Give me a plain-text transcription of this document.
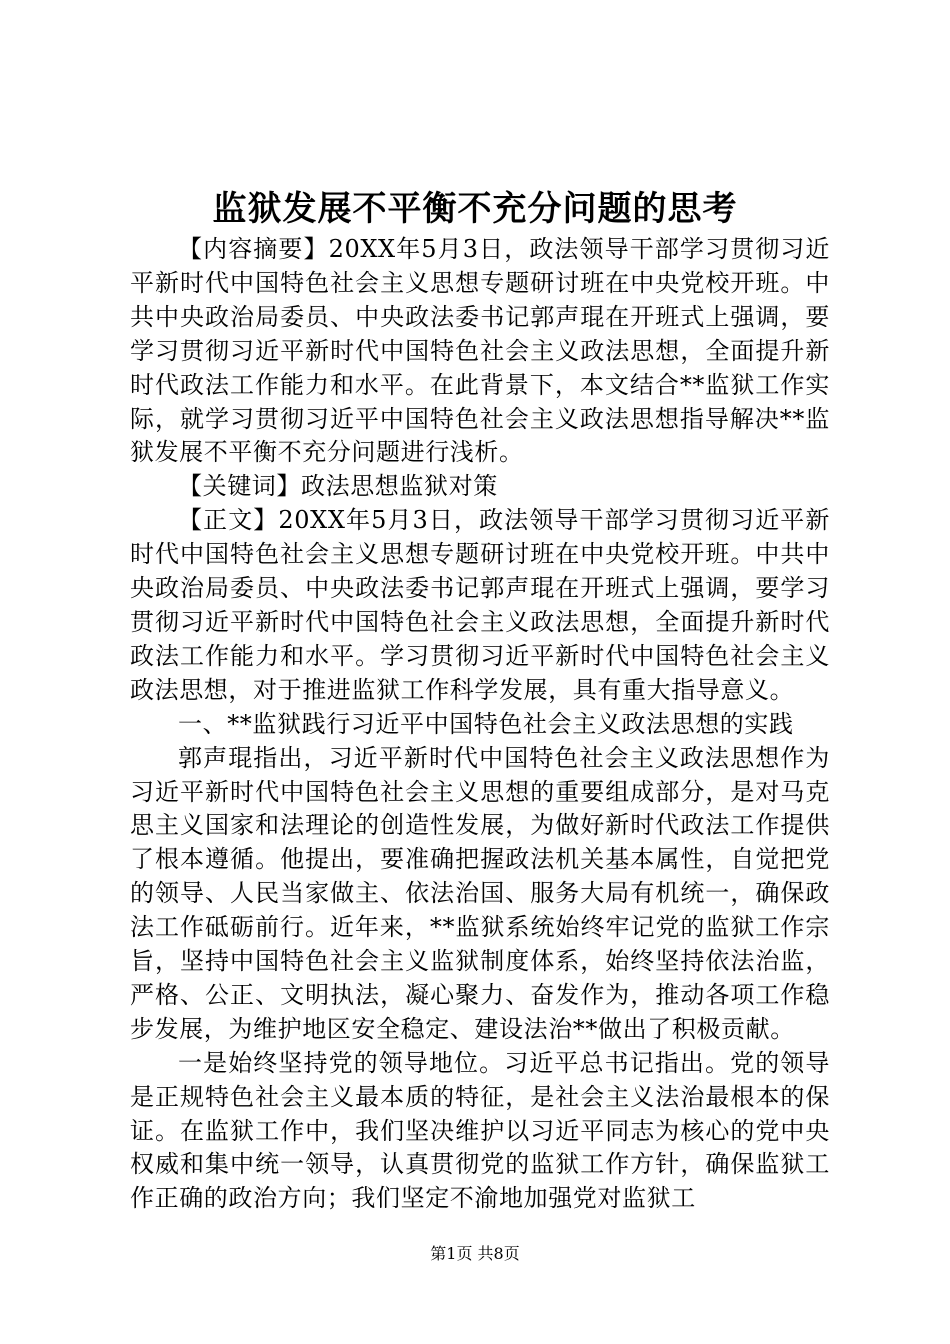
监狱发展不平衡不充分问题的思考

【内容摘要】20XX年5月3日，政法领导干部学习贯彻习近平新时代中国特色社会主义思想专题研讨班在中央党校开班。中共中央政治局委员、中央政法委书记郭声琨在开班式上强调，要学习贯彻习近平新时代中国特色社会主义政法思想，全面提升新时代政法工作能力和水平。在此背景下，本文结合**监狱工作实际，就学习贯彻习近平中国特色社会主义政法思想指导解决**监狱发展不平衡不充分问题进行浅析。

【关键词】政法思想监狱对策

【正文】20XX年5月3日，政法领导干部学习贯彻习近平新时代中国特色社会主义思想专题研讨班在中央党校开班。中共中央政治局委员、中央政法委书记郭声琨在开班式上强调，要学习贯彻习近平新时代中国特色社会主义政法思想，全面提升新时代政法工作能力和水平。学习贯彻习近平新时代中国特色社会主义政法思想，对于推进监狱工作科学发展，具有重大指导意义。

一、**监狱践行习近平中国特色社会主义政法思想的实践

郭声琨指出，习近平新时代中国特色社会主义政法思想作为习近平新时代中国特色社会主义思想的重要组成部分，是对马克思主义国家和法理论的创造性发展，为做好新时代政法工作提供了根本遵循。他提出，要准确把握政法机关基本属性，自觉把党的领导、人民当家做主、依法治国、服务大局有机统一，确保政法工作砥砺前行。近年来，**监狱系统始终牢记党的监狱工作宗旨，坚持中国特色社会主义监狱制度体系，始终坚持依法治监，严格、公正、文明执法，凝心聚力、奋发作为，推动各项工作稳步发展，为维护地区安全稳定、建设法治**做出了积极贡献。

一是始终坚持党的领导地位。习近平总书记指出。党的领导是正规特色社会主义最本质的特征，是社会主义法治最根本的保证。在监狱工作中，我们坚决维护以习近平同志为核心的党中央权威和集中统一领导，认真贯彻党的监狱工作方针，确保监狱工作正确的政治方向；我们坚定不渝地加强党对监狱工

第1页 共8页
